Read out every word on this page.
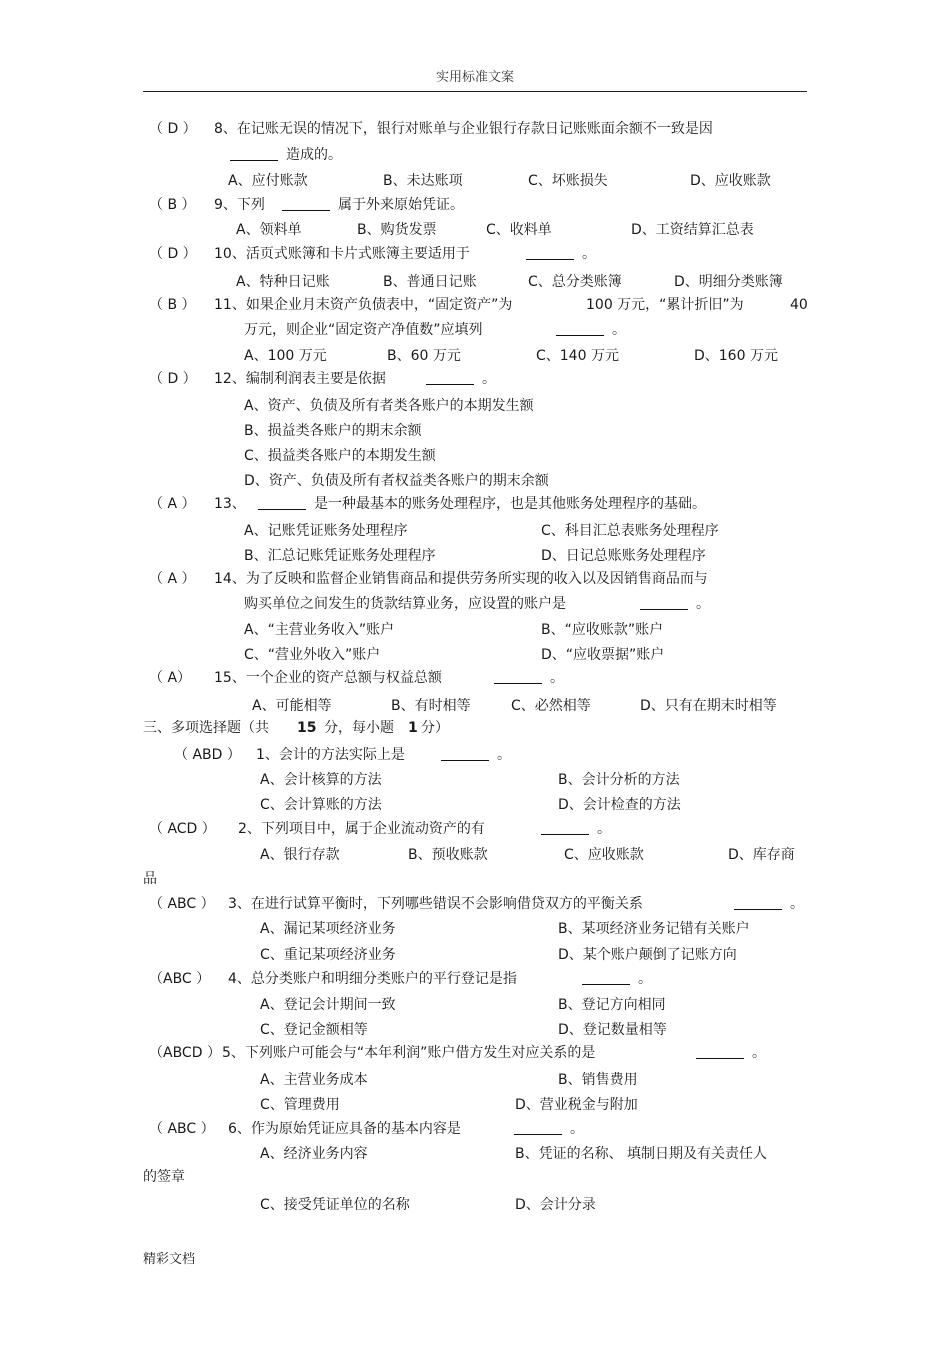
实用标准文案
（ D ） 8、在记账无误的情况下，银行对账单与企业银行存款日记账账面余额不一致是因
造成的。
A、应付账款	B、未达账项	C、坏账损失	D、应收账款
（ B ） 9、下列	属于外来原始凭证。
A、领料单	B、购货发票	C、收料单	D、工资结算汇总表
（ D ） 10、活页式账簿和卡片式账簿主要适用于	。
A、特种日记账	B、普通日记账	C、总分类账簿	D、明细分类账簿
（ B ） 11、如果企业月末资产负债表中，“固定资产”为	100 万元，“累计折旧”为	40
万元，则企业“固定资产净值数”应填列	。
A、100 万元	B、60 万元	C、140 万元	D、160 万元
（ D ） 12、编制利润表主要是依据	。
A、资产、负债及所有者类各账户的本期发生额
B、损益类各账户的期末余额
C、损益类各账户的本期发生额
D、资产、负债及所有者权益类各账户的期末余额
（ A ） 13、	是一种最基本的账务处理程序，也是其他账务处理程序的基础。
A、记账凭证账务处理程序	C、科目汇总表账务处理程序
B、汇总记账凭证账务处理程序	D、日记总账账务处理程序
（ A ） 14、为了反映和监督企业销售商品和提供劳务所实现的收入以及因销售商品而与
购买单位之间发生的货款结算业务，应设置的账户是	。
A、“主营业务收入”账户	B、“应收账款”账户
C、“营业外收入”账户	D、“应收票据”账户
（ A） 15、一个企业的资产总额与权益总额	。
A、可能相等	B、有时相等	C、必然相等	D、只有在期末时相等
三、多项选择题（共 15 分，每小题 1 分）
（ ABD ） 1、会计的方法实际上是	。
A、会计核算的方法	B、会计分析的方法
C、会计算账的方法	D、会计检查的方法
（ ACD ） 2、下列项目中，属于企业流动资产的有	。
A、银行存款	B、预收账款	C、应收账款	D、库存商
品
（ ABC ） 3、在进行试算平衡时，下列哪些错误不会影响借贷双方的平衡关系	。
A、漏记某项经济业务	B、某项经济业务记错有关账户
C、重记某项经济业务	D、某个账户颠倒了记账方向
（ABC ） 4、总分类账户和明细分类账户的平行登记是指	。
A、登记会计期间一致	B、登记方向相同
C、登记金额相等	D、登记数量相等
（ABCD ） 5、下列账户可能会与“本年利润”账户借方发生对应关系的是	。
A、主营业务成本	B、销售费用
C、管理费用	D、营业税金与附加
（ ABC ） 6、作为原始凭证应具备的基本内容是	。
A、经济业务内容	B、凭证的名称、 填制日期及有关责任人
的签章
C、接受凭证单位的名称	D、会计分录
精彩文档
